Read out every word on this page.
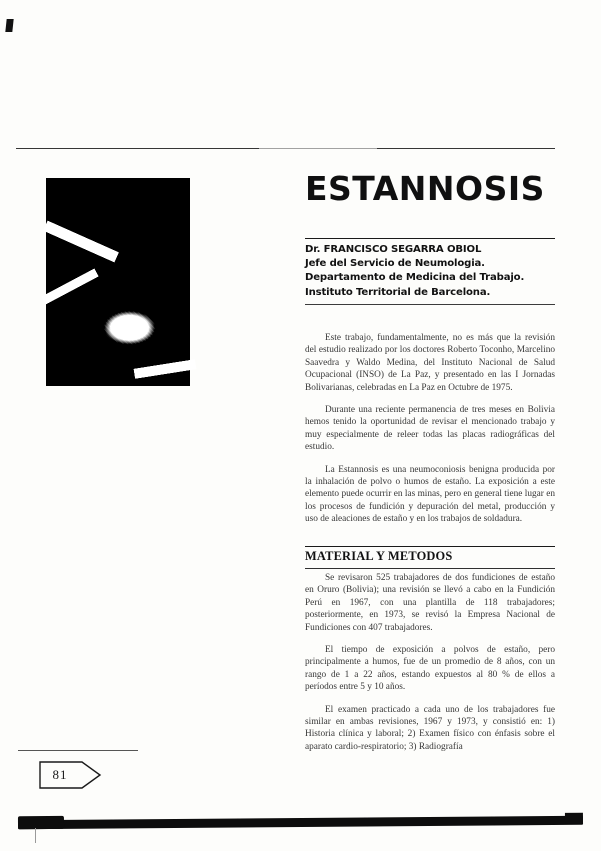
ESTANNOSIS
Dr. FRANCISCO SEGARRA OBIOL
Jefe del Servicio de Neumologia.
Departamento de Medicina del Trabajo.
Instituto Territorial de Barcelona.

Este trabajo, fundamentalmente, no es más que la revisión del estudio realizado por los doctores Roberto Toconho, Marcelino Saavedra y Waldo Medina, del Instituto Nacional de Salud Ocupacional (INSO) de La Paz, y presentado en las I Jornadas Bolivarianas, celebradas en La Paz en Octubre de 1975.

Durante una reciente permanencia de tres meses en Bolivia hemos tenido la oportunidad de revisar el mencionado trabajo y muy especialmente de releer todas las placas radiográficas del estudio.

La Estannosis es una neumoconiosis benigna producida por la inhalación de polvo o humos de estaño. La exposición a este elemento puede ocurrir en las minas, pero en general tiene lugar en los procesos de fundición y depuración del metal, producción y uso de aleaciones de estaño y en los trabajos de soldadura.

MATERIAL Y METODOS

Se revisaron 525 trabajadores de dos fundiciones de estaño en Oruro (Bolivia); una revisión se llevó a cabo en la Fundición Perú en 1967, con una plantilla de 118 trabajadores; posteriormente, en 1973, se revisó la Empresa Nacional de Fundiciones con 407 trabajadores.

El tiempo de exposición a polvos de estaño, pero principalmente a humos, fue de un promedio de 8 años, con un rango de 1 a 22 años, estando expuestos al 80 % de ellos a períodos entre 5 y 10 años.

El examen practicado a cada uno de los trabajadores fue similar en ambas revisiones, 1967 y 1973, y consistió en: 1) Historia clínica y laboral; 2) Examen físico con énfasis sobre el aparato cardio-respiratorio; 3) Radiografía

81
